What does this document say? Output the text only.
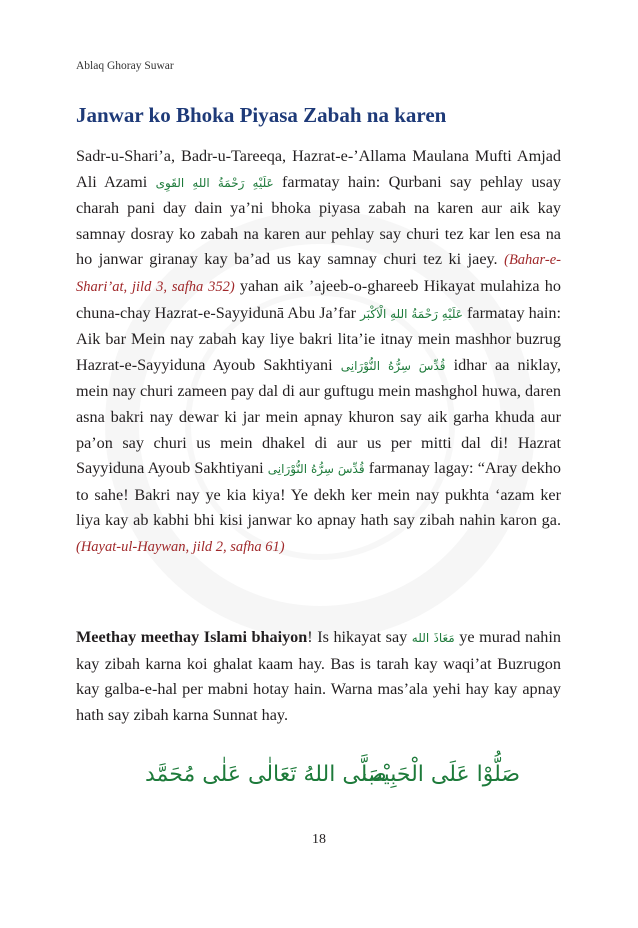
Ablaq Ghoray Suwar
Janwar ko Bhoka Piyasa Zabah na karen

Sadr-u-Shari’a, Badr-u-Tareeqa, Hazrat-e-’Allama Maulana Mufti Amjad Ali Azami عَلَيْهِ رَحْمَةُ اللهِ القَوِى farmatay hain: Qurbani say pehlay usay charah pani day dain ya’ni bhoka piyasa zabah na karen aur aik kay samnay dosray ko zabah na karen aur pehlay say churi tez kar len esa na ho janwar giranay kay ba’ad us kay samnay churi tez ki jaey. (Bahar-e-Shari’at, jild 3, safha 352) yahan aik ’ajeeb-o-ghareeb Hikayat mulahiza ho chuna-chay Hazrat-e-Sayyidunā Abu Ja’far عَلَيْهِ رَحْمَةُ اللهِ الْاَكْبَر farmatay hain: Aik bar Mein nay zabah kay liye bakri lita’ie itnay mein mashhor buzrug Hazrat-e-Sayyiduna Ayoub Sakhtiyani قُدِّسَ سِرُّهُ النُّوْرَانِى idhar aa niklay, mein nay churi zameen pay dal di aur guftugu mein mashghol huwa, daren asna bakri nay dewar ki jar mein apnay khuron say aik garha khuda aur pa’on say churi us mein dhakel di aur us per mitti dal di! Hazrat Sayyiduna Ayoub Sakhtiyani قُدِّسَ سِرُّهُ النُّوْرَانِى farmanay lagay: “Aray dekho to sahe! Bakri nay ye kia kiya! Ye dekh ker mein nay pukhta ‘azam ker liya kay ab kabhi bhi kisi janwar ko apnay hath say zibah nahin karon ga. (Hayat-ul-Haywan, jild 2, safha 61)

Meethay meethay Islami bhaiyon! Is hikayat say مَعَاذَ الله ye murad nahin kay zibah karna koi ghalat kaam hay. Bas is tarah kay waqi’at Buzrugon kay galba-e-hal per mabni hotay hain. Warna mas’ala yehi hay kay apnay hath say zibah karna Sunnat hay.

صَلُّوْا عَلَى الْحَبِيْب
صَلَّى اللهُ تَعَالٰى عَلٰى مُحَمَّد
18
